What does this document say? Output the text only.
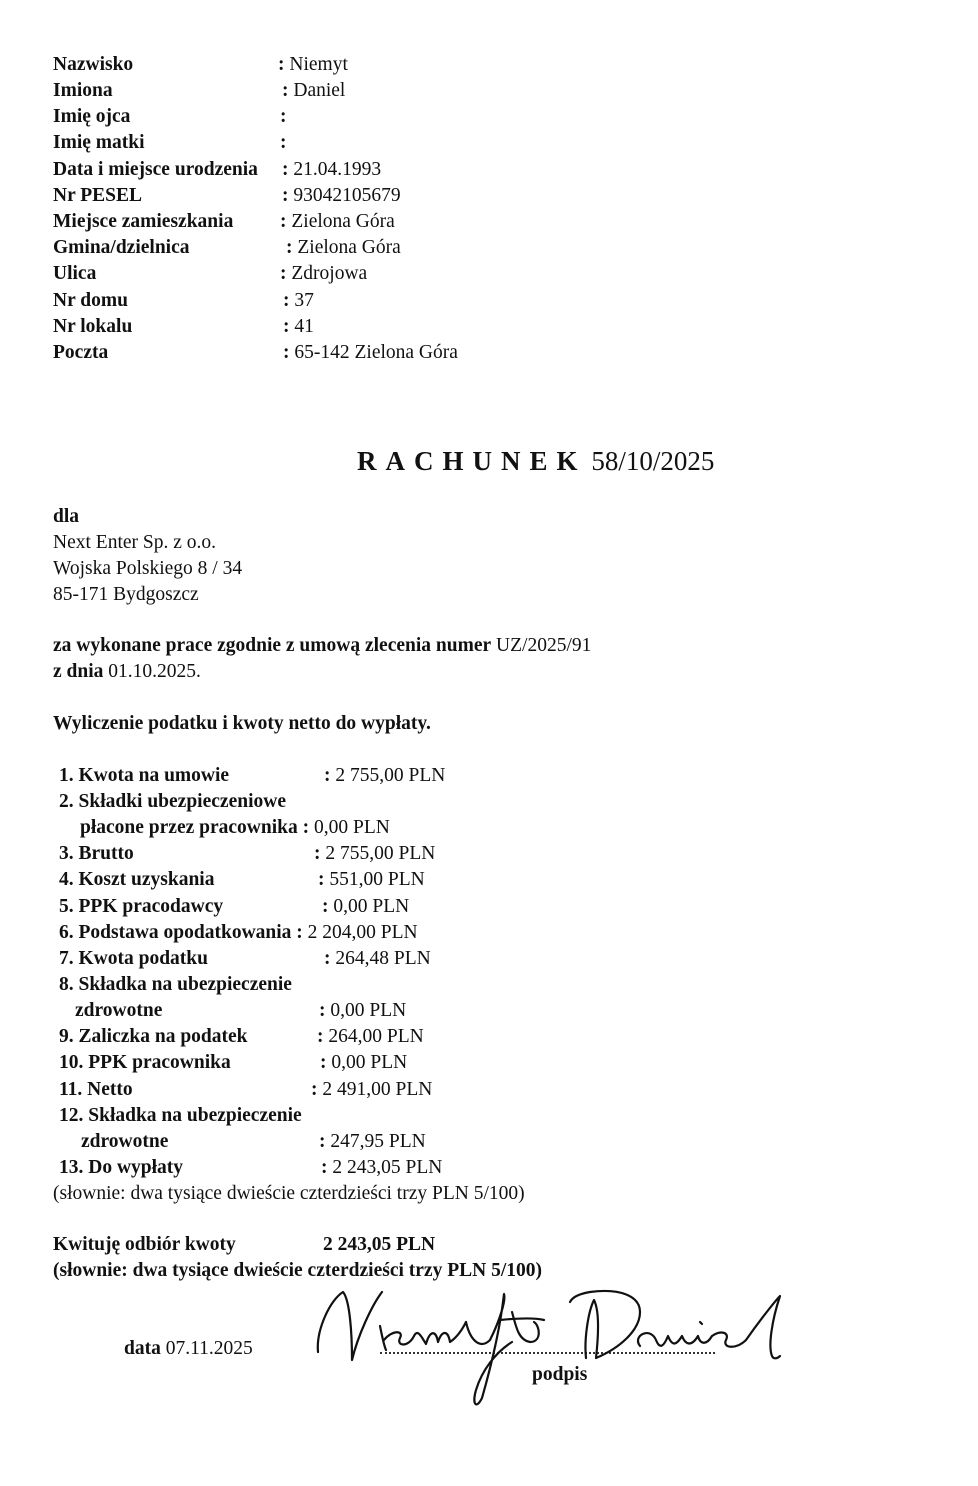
Nazwisko	: Niemyt
Imiona	: Daniel
Imię ojca	:
Imię matki	:
Data i miejsce urodzenia : 21.04.1993
Nr PESEL	: 93042105679
Miejsce zamieszkania : Zielona Góra
Gmina/dzielnica	: Zielona Góra
Ulica	: Zdrojowa
Nr domu	: 37
Nr lokalu	: 41
Poczta	: 65-142 Zielona Góra
RACHUNEK 58/10/2025
dla
Next Enter Sp. z o.o.
Wojska Polskiego 8 / 34
85-171 Bydgoszcz
za wykonane prace zgodnie z umową zlecenia numer UZ/2025/91
z dnia 01.10.2025.
Wyliczenie podatku i kwoty netto do wypłaty.
1. Kwota na umowie	: 2 755,00 PLN
2. Składki ubezpieczeniowe
płacone przez pracownika : 0,00 PLN
3. Brutto	: 2 755,00 PLN
4. Koszt uzyskania	: 551,00 PLN
5. PPK pracodawcy	: 0,00 PLN
6. Podstawa opodatkowania : 2 204,00 PLN
7. Kwota podatku	: 264,48 PLN
8. Składka na ubezpieczenie
zdrowotne	: 0,00 PLN
9. Zaliczka na podatek	: 264,00 PLN
10. PPK pracownika	: 0,00 PLN
11. Netto	: 2 491,00 PLN
12. Składka na ubezpieczenie
zdrowotne	: 247,95 PLN
13. Do wypłaty	: 2 243,05 PLN
(słownie: dwa tysiące dwieście czterdzieści trzy PLN 5/100)
Kwituję odbiór kwoty	2 243,05 PLN
(słownie: dwa tysiące dwieście czterdzieści trzy PLN 5/100)
data 07.11.2025
podpis
